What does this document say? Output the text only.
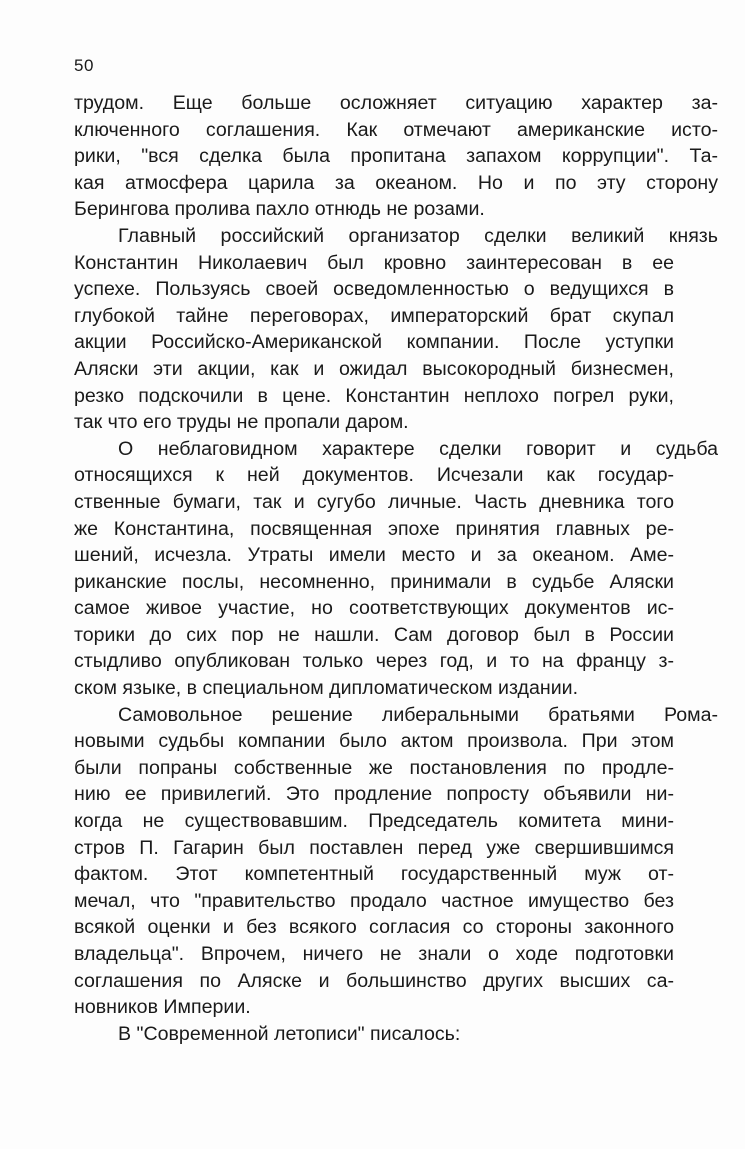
50

трудом. Еще больше осложняет ситуацию характер за-
ключенного соглашения. Как отмечают американские исто-
рики, "вся сделка была пропитана запахом коррупции". Та-
кая атмосфера царила за океаном. Но и по эту сторону
Берингова пролива пахло отнюдь не розами.

Главный российский организатор сделки великий князь
Константин Николаевич был кровно заинтересован в ее
успехе. Пользуясь своей осведомленностью о ведущихся в
глубокой тайне переговорах, императорский брат скупал
акции Российско-Американской компании. После уступки
Аляски эти акции, как и ожидал высокородный бизнесмен,
резко подскочили в цене. Константин неплохо погрел руки,
так что его труды не пропали даром.

О неблаговидном характере сделки говорит и судьба
относящихся к ней документов. Исчезали как государ-
ственные бумаги, так и сугубо личные. Часть дневника того
же Константина, посвященная эпохе принятия главных ре-
шений, исчезла. Утраты имели место и за океаном. Аме-
риканские послы, несомненно, принимали в судьбе Аляски
самое живое участие, но соответствующих документов ис-
торики до сих пор не нашли. Сам договор был в России
стыдливо опубликован только через год, и то на францу з-
ском языке, в специальном дипломатическом издании.

Самовольное решение либеральными братьями Рома-
новыми судьбы компании было актом произвола. При этом
были попраны собственные же постановления по продле-
нию ее привилегий. Это продление попросту объявили ни-
когда не существовавшим. Председатель комитета мини-
стров П. Гагарин был поставлен перед уже свершившимся
фактом. Этот компетентный государственный муж от-
мечал, что "правительство продало частное имущество без
всякой оценки и без всякого согласия со стороны законного
владельца". Впрочем, ничего не знали о ходе подготовки
соглашения по Аляске и большинство других высших са-
новников Империи.

В "Современной летописи" писалось:
